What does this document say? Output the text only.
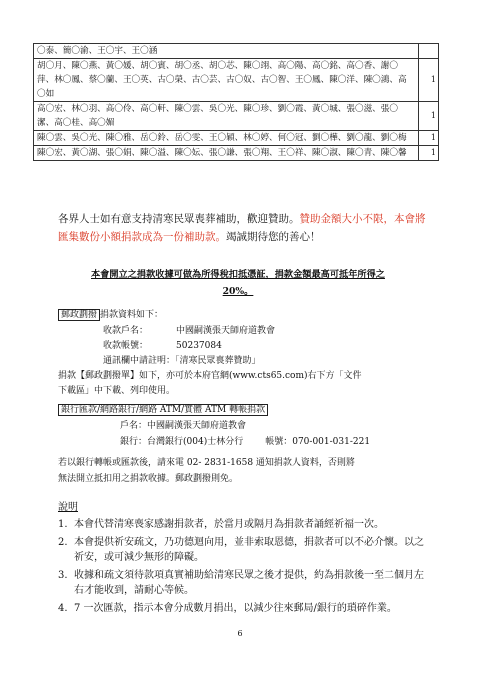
〇泰、簡〇渝、王〇宇、王〇涵	
胡〇月、陳〇燕、黃〇媛、胡〇賓、胡〇丞、胡〇芯、陳〇翊、高〇陽、高〇銘、高〇香、謝〇萍、林〇鳳、蔡〇蘭、王〇英、古〇榮、古〇芸、古〇奴、古〇智、王〇鳳、陳〇洋、陳〇鴻、高〇如	1
高〇宏、林〇羽、高〇伶、高〇軒、陳〇雲、吳〇光、陳〇珍、劉〇霞、黃〇城、張〇滋、張〇潔、高〇桂、高〇媚	1
陳〇雲、吳〇光、陳〇雅、岳〇鈴、岳〇雯、王〇穎、林〇婷、何〇冠、劉〇樺、劉〇龍、劉〇梅	1
陳〇宏、黃〇湖、張〇娟、陳〇溢、陳〇妘、張〇謙、張〇翔、王〇祥、陳〇淑、陳〇青、陳〇馨	1
各界人士如有意支持清寒民眾喪葬補助，歡迎贊助。贊助金額大小不限，本會將匯集數份小額捐款成為一份補助款。竭誠期待您的善心！
本會開立之捐款收據可做為所得稅扣抵憑証，捐款金額最高可抵年所得之
20%。
郵政劃撥 捐款資料如下：
收款戶名：	中國嗣漢張天師府道教會
收款帳號：	50237084
通訊欄中請註明：「清寒民眾喪葬贊助」
捐款【郵政劃撥單】如下，亦可於本府官網(www.cts65.com)右下方「文件
下載區」中下載、列印使用。
銀行匯款/網路銀行/網路 ATM/實體 ATM 轉帳捐款
戶名：中國嗣漢張天師府道教會
銀行：台灣銀行(004)士林分行 帳號：070-001-031-221
若以銀行轉帳或匯款後，請來電 02- 2831-1658 通知捐款人資料，否則將
無法開立抵扣用之捐款收據。郵政劃撥則免。
說明
1. 本會代替清寒喪家感謝捐款者，於當月或隔月為捐款者誦經祈福一次。
2. 本會提供祈安疏文，乃功德迴向用，並非索取恩德，捐款者可以不必介懷。以之祈安，或可減少無形的障礙。
3. 收據和疏文須待款項真實補助給清寒民眾之後才提供，約為捐款後一至二個月左右才能收到，請耐心等候。
4. 7 一次匯款，指示本會分成數月捐出，以減少往來郵局/銀行的瑣碎作業。
6
